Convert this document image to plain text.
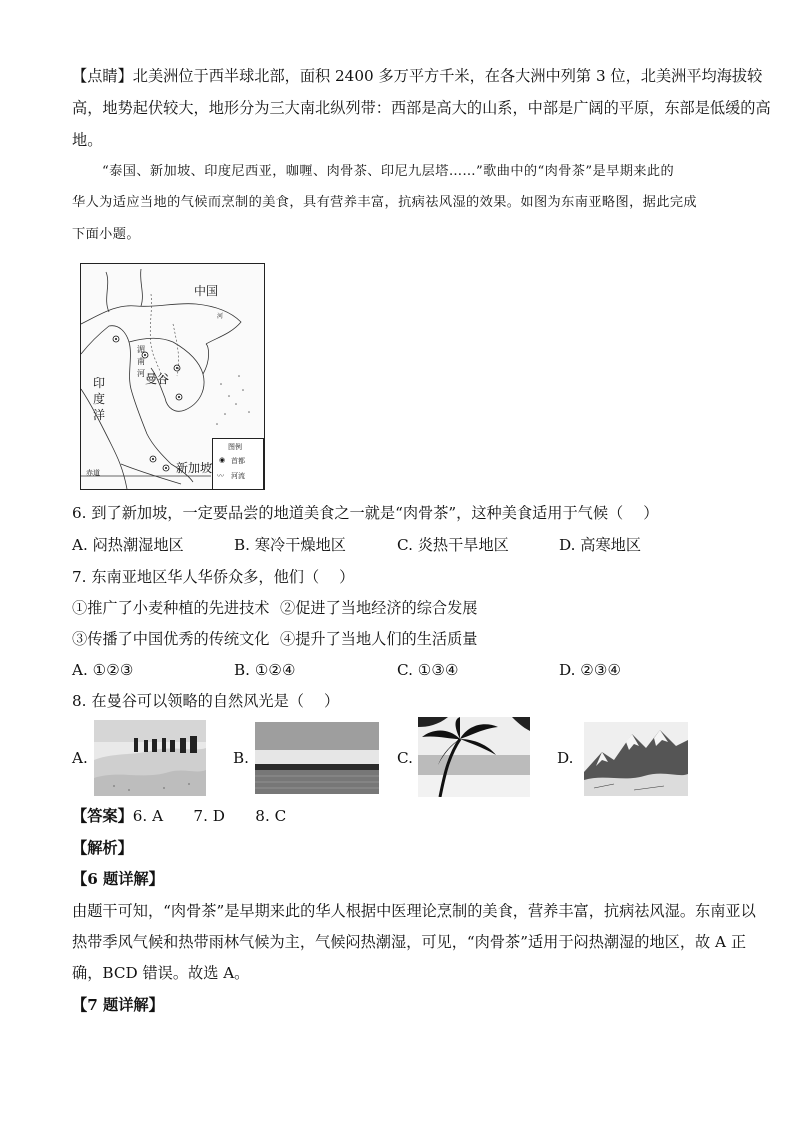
【点睛】北美洲位于西半球北部，面积 2400 多万平方千米，在各大洲中列第 3 位，北美洲平均海拔较
高，地势起伏较大，地形分为三大南北纵列带：西部是高大的山系，中部是广阔的平原，东部是低缓的高
地。
“泰国、新加坡、印度尼西亚，咖喱、肉骨茶、印尼九层塔……”歌曲中的“肉骨茶”是早期来此的
华人为适应当地的气候而烹制的美食，具有营养丰富，抗病祛风湿的效果。如图为东南亚略图，据此完成
下面小题。
中国
河
湄
南
河 曼谷
印
度
洋
新加坡
赤道
图例
◉ 首都
〰 河流
6. 到了新加坡，一定要品尝的地道美食之一就是“肉骨茶”，这种美食适用于气候（　 ）
A. 闷热潮湿地区	B. 寒冷干燥地区	C. 炎热干旱地区	D. 高寒地区
7. 东南亚地区华人华侨众多，他们（　 ）
①推广了小麦种植的先进技术 ②促进了当地经济的综合发展
③传播了中国优秀的传统文化 ④提升了当地人们的生活质量
A. ①②③	B. ①②④	C. ①③④	D. ②③④
8. 在曼谷可以领略的自然风光是（　 ）
A.	B.	C.	D.
【答案】6. A　　7. D　　8. C
【解析】
【6 题详解】
由题干可知，“肉骨茶”是早期来此的华人根据中医理论烹制的美食，营养丰富，抗病祛风湿。东南亚以
热带季风气候和热带雨林气候为主，气候闷热潮湿，可见，“肉骨茶”适用于闷热潮湿的地区，故 A 正
确，BCD 错误。故选 A。
【7 题详解】
